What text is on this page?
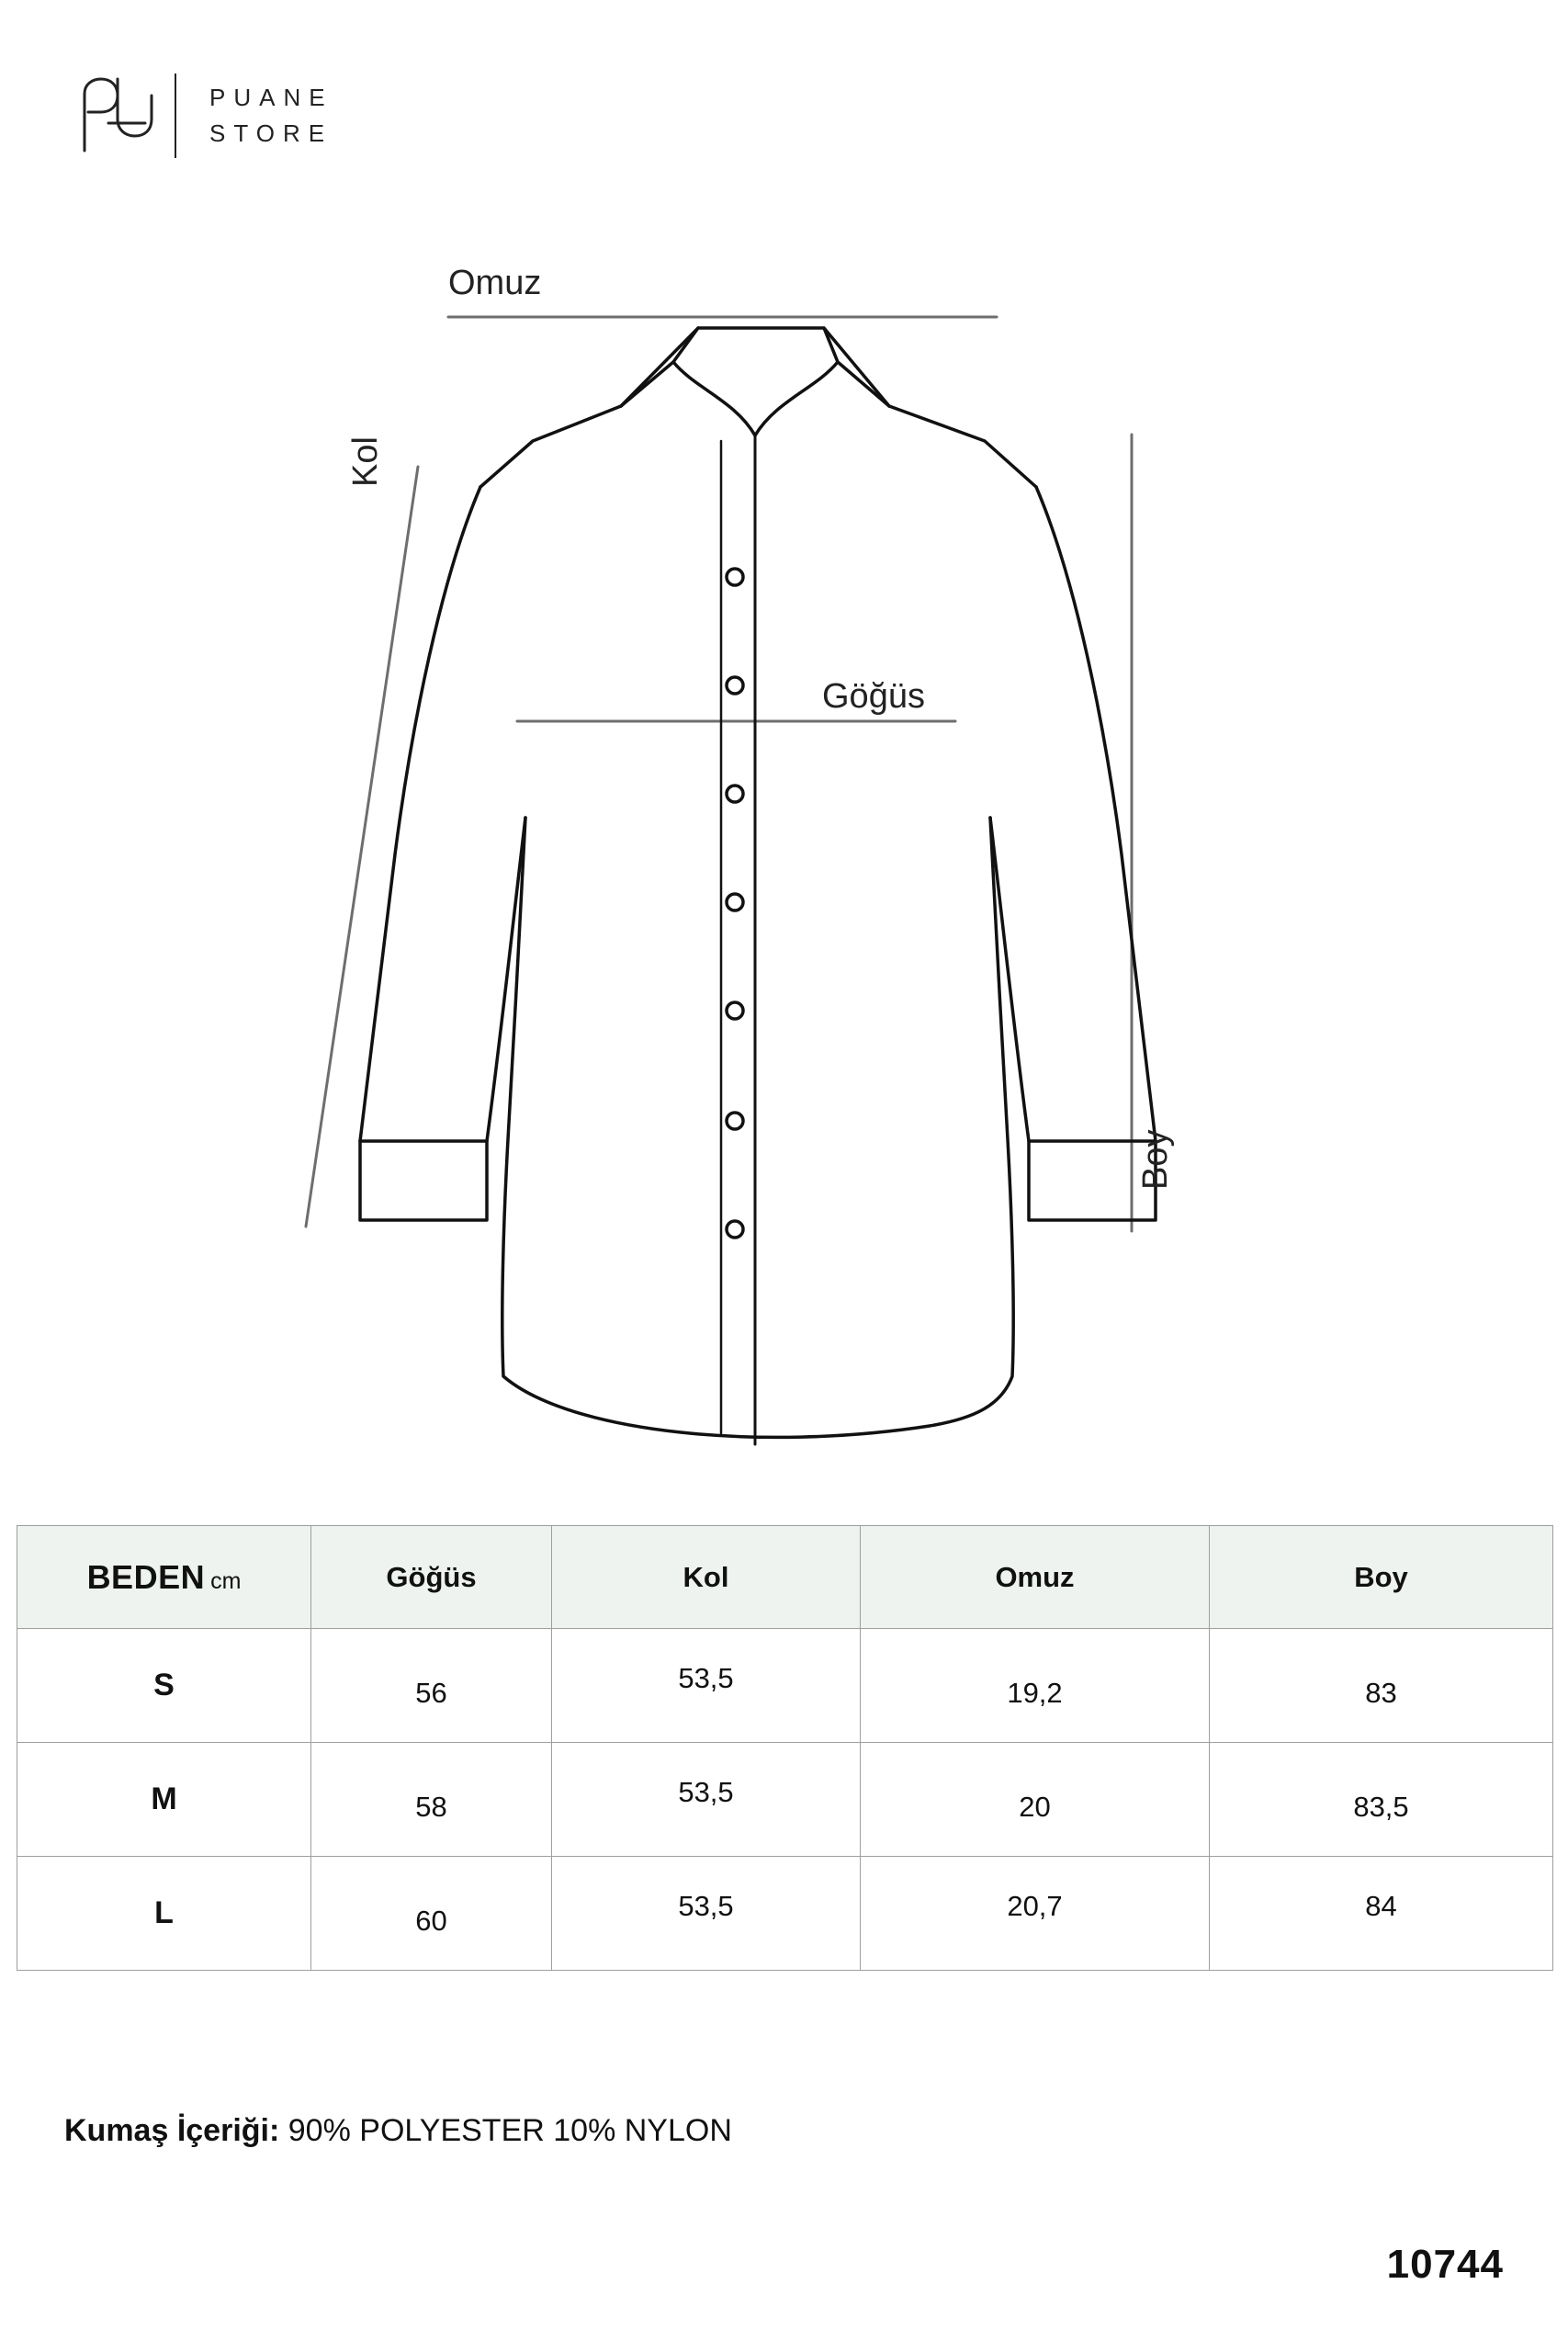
PUANE
STORE
Omuz
Kol
Göğüs
Boy
BEDEN cm	Göğüs	Kol	Omuz	Boy
S	56	53,5	19,2	83
M	58	53,5	20	83,5
L	60	53,5	20,7	84
Kumaş İçeriği: 90% POLYESTER 10% NYLON
10744
